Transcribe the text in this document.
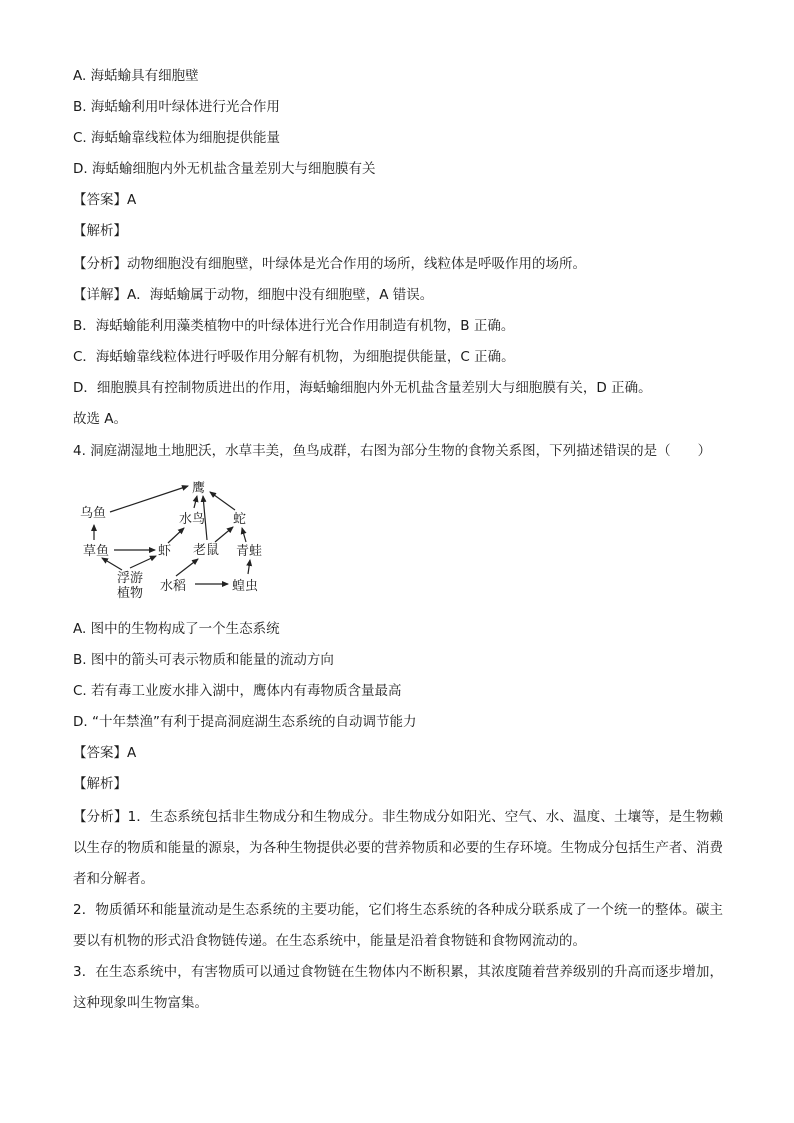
A. 海蛞蝓具有细胞壁
B. 海蛞蝓利用叶绿体进行光合作用
C. 海蛞蝓靠线粒体为细胞提供能量
D. 海蛞蝓细胞内外无机盐含量差别大与细胞膜有关
【答案】A
【解析】
【分析】动物细胞没有细胞壁，叶绿体是光合作用的场所，线粒体是呼吸作用的场所。
【详解】A．海蛞蝓属于动物，细胞中没有细胞壁，A 错误。
B．海蛞蝓能利用藻类植物中的叶绿体进行光合作用制造有机物，B 正确。
C．海蛞蝓靠线粒体进行呼吸作用分解有机物，为细胞提供能量，C 正确。
D．细胞膜具有控制物质进出的作用，海蛞蝓细胞内外无机盐含量差别大与细胞膜有关，D 正确。
故选 A。
4. 洞庭湖湿地土地肥沃，水草丰美，鱼鸟成群，右图为部分生物的食物关系图，下列描述错误的是（　　）
鹰
乌鱼	水鸟 蛇
草鱼	虾 老鼠 青蛙
浮游
植物 水稻	蝗虫
A. 图中的生物构成了一个生态系统
B. 图中的箭头可表示物质和能量的流动方向
C. 若有毒工业废水排入湖中，鹰体内有毒物质含量最高
D. “十年禁渔”有利于提高洞庭湖生态系统的自动调节能力
【答案】A
【解析】
【分析】1．生态系统包括非生物成分和生物成分。非生物成分如阳光、空气、水、温度、土壤等，是生物赖以生存的物质和能量的源泉，为各种生物提供必要的营养物质和必要的生存环境。生物成分包括生产者、消费者和分解者。
2．物质循环和能量流动是生态系统的主要功能，它们将生态系统的各种成分联系成了一个统一的整体。碳主要以有机物的形式沿食物链传递。在生态系统中，能量是沿着食物链和食物网流动的。
3．在生态系统中，有害物质可以通过食物链在生物体内不断积累，其浓度随着营养级别的升高而逐步增加，这种现象叫生物富集。
